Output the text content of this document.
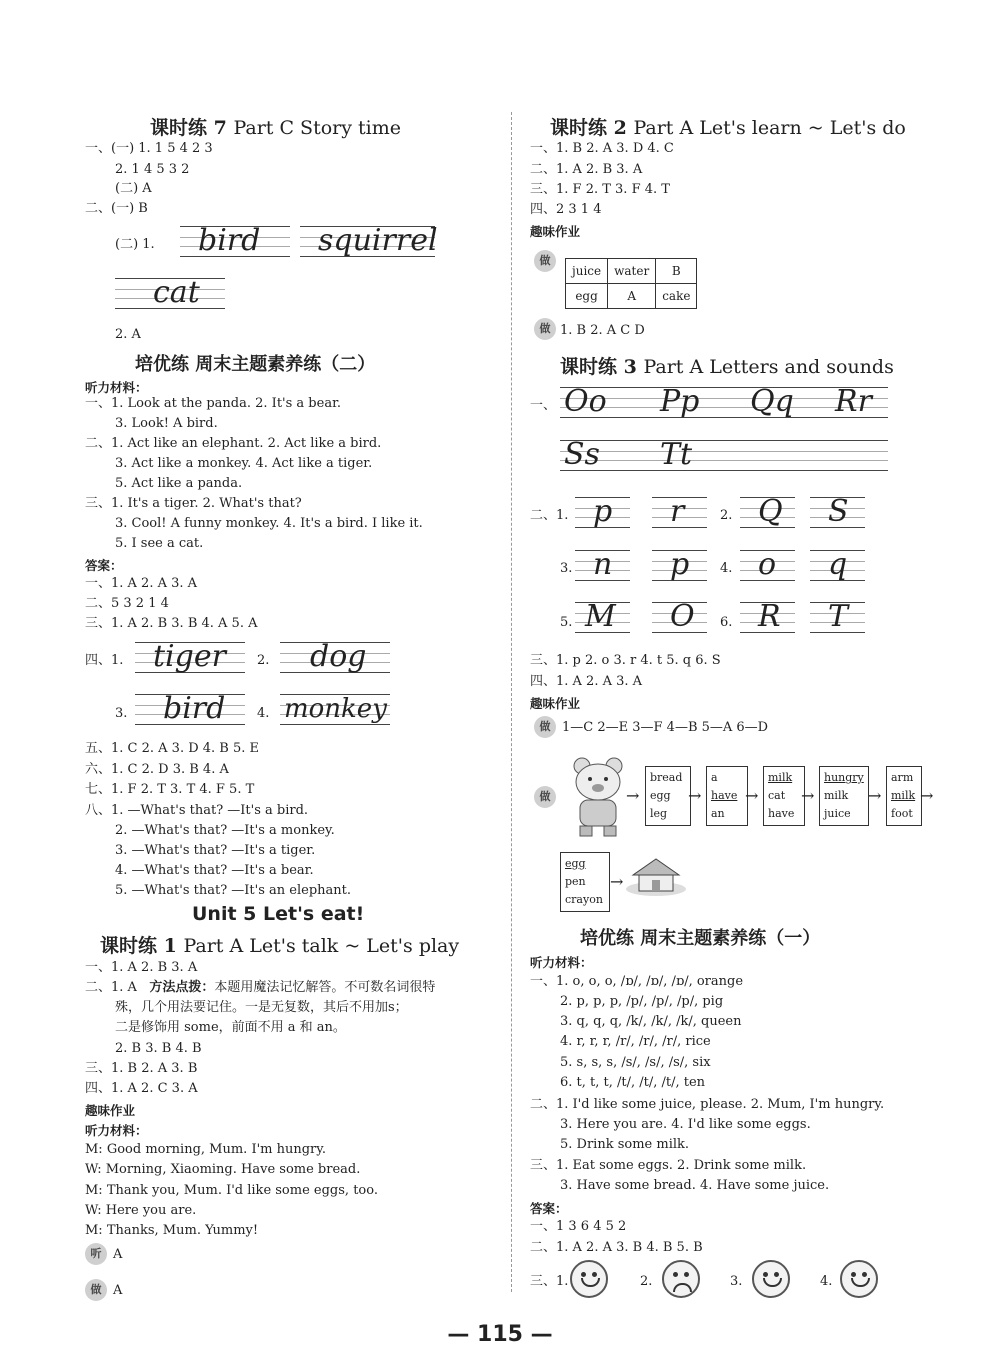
课时练 7 Part C Story time
一、(一) 1. 1 5 4 2 3
2. 1 4 5 3 2
(二) A
二、(一) B
(二) 1. bird squirrel
cat
2. A
培优练 周末主题素养练（二）
听力材料：
一、1. Look at the panda. 2. It's a bear.
3. Look! A bird.
二、1. Act like an elephant. 2. Act like a bird.
3. Act like a monkey. 4. Act like a tiger.
5. Act like a panda.
三、1. It's a tiger. 2. What's that?
3. Cool! A funny monkey. 4. It's a bird. I like it.
5. I see a cat.
答案：
一、1. A 2. A 3. A
二、5 3 2 1 4
三、1. A 2. B 3. B 4. A 5. A
四、1. tiger 2. dog
3. bird 4. monkey
五、1. C 2. A 3. D 4. B 5. E
六、1. C 2. D 3. B 4. A
七、1. F 2. T 3. T 4. F 5. T
八、1. —What's that? —It's a bird.
2. —What's that? —It's a monkey.
3. —What's that? —It's a tiger.
4. —What's that? —It's a bear.
5. —What's that? —It's an elephant.
Unit 5 Let's eat!
课时练 1 Part A Let's talk ~ Let's play
一、1. A 2. B 3. A
二、1. A 方法点拨：本题用魔法记忆解答。不可数名词很特
殊，几个用法要记住。一是无复数，其后不用加s；
二是修饰用 some，前面不用 a 和 an。
2. B 3. B 4. B
三、1. B 2. A 3. B
四、1. A 2. C 3. A
趣味作业
听力材料：
M: Good morning, Mum. I'm hungry.
W: Morning, Xiaoming. Have some bread.
M: Thank you, Mum. I'd like some eggs, too.
W: Here you are.
M: Thanks, Mum. Yummy!
听 A
做 A
课时练 2 Part A Let's learn ~ Let's do
一、1. B 2. A 3. D 4. C
二、1. A 2. B 3. A
三、1. F 2. T 3. F 4. T
四、2 3 1 4
趣味作业
做
juice	water	B
egg	A	cake
做 1. B 2. A C D
课时练 3 Part A Letters and sounds
一、 Oo Pp Qq Rr
Ss Tt
二、1. p r	2. Q S
3. n p 4. o q
5. M O 6. R T
三、1. p 2. o 3. r 4. t 5. q 6. S
四、1. A 2. A 3. A
趣味作业
做 1—C 2—E 3—F 4—B 5—A 6—D
做	→
bread
egg
leg
→
a
have
an
→
milk
cat
have
→
hungry
milk
juice
→
arm
milk
foot
→
egg
pen
crayon
→
培优练 周末主题素养练（一）
听力材料：
一、1. o, o, o, /ɒ/, /ɒ/, /ɒ/, orange
2. p, p, p, /p/, /p/, /p/, pig
3. q, q, q, /k/, /k/, /k/, queen
4. r, r, r, /r/, /r/, /r/, rice
5. s, s, s, /s/, /s/, /s/, six
6. t, t, t, /t/, /t/, /t/, ten
二、1. I'd like some juice, please. 2. Mum, I'm hungry.
3. Here you are. 4. I'd like some eggs.
5. Drink some milk.
三、1. Eat some eggs. 2. Drink some milk.
3. Have some bread. 4. Have some juice.
答案：
一、1 3 6 4 5 2
二、1. A 2. A 3. B 4. B 5. B
三、1.	2.	3.	4.
— 115 —
